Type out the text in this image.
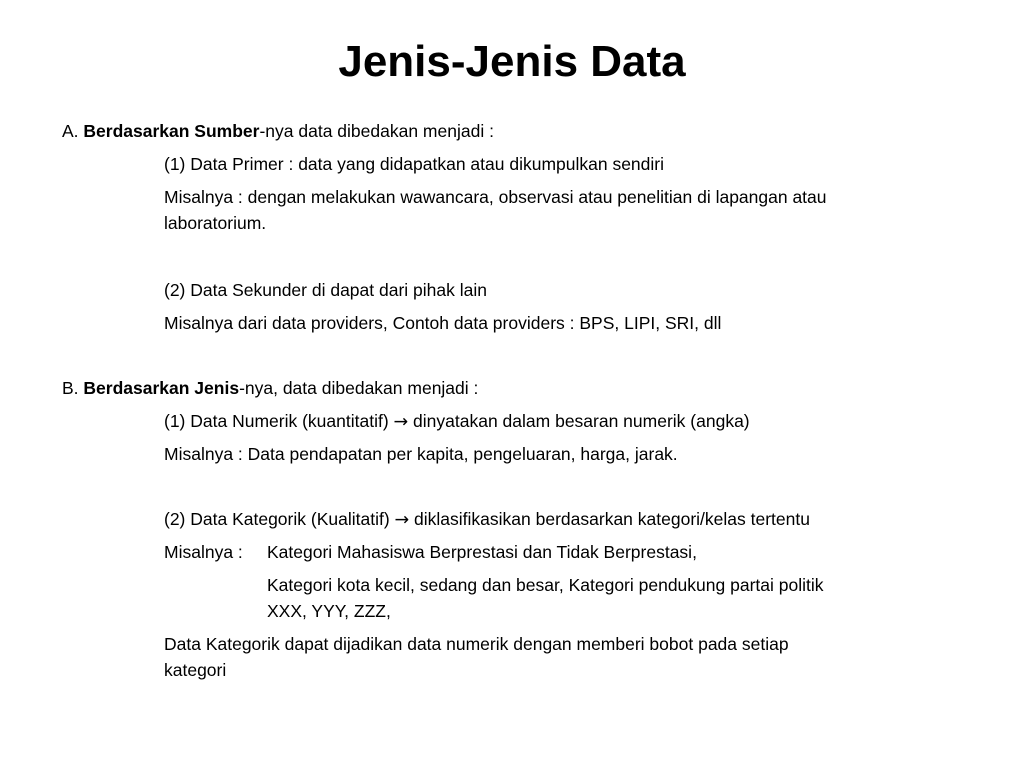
Jenis-Jenis Data
A. Berdasarkan Sumber-nya data dibedakan menjadi :
(1) Data Primer : data yang didapatkan atau dikumpulkan sendiri
Misalnya : dengan melakukan wawancara, observasi atau penelitian di lapangan atau
laboratorium.
(2) Data Sekunder di dapat dari pihak lain
Misalnya dari data providers, Contoh data providers : BPS, LIPI, SRI, dll
B. Berdasarkan Jenis-nya, data dibedakan menjadi :
(1) Data Numerik (kuantitatif) → dinyatakan dalam besaran numerik (angka)
Misalnya : Data pendapatan per kapita, pengeluaran, harga, jarak.
(2) Data Kategorik (Kualitatif) → diklasifikasikan berdasarkan kategori/kelas tertentu
Misalnya : Kategori Mahasiswa Berprestasi dan Tidak Berprestasi,
Kategori kota kecil, sedang dan besar, Kategori pendukung partai politik
XXX, YYY, ZZZ,
Data Kategorik dapat dijadikan data numerik dengan memberi bobot pada setiap
kategori
